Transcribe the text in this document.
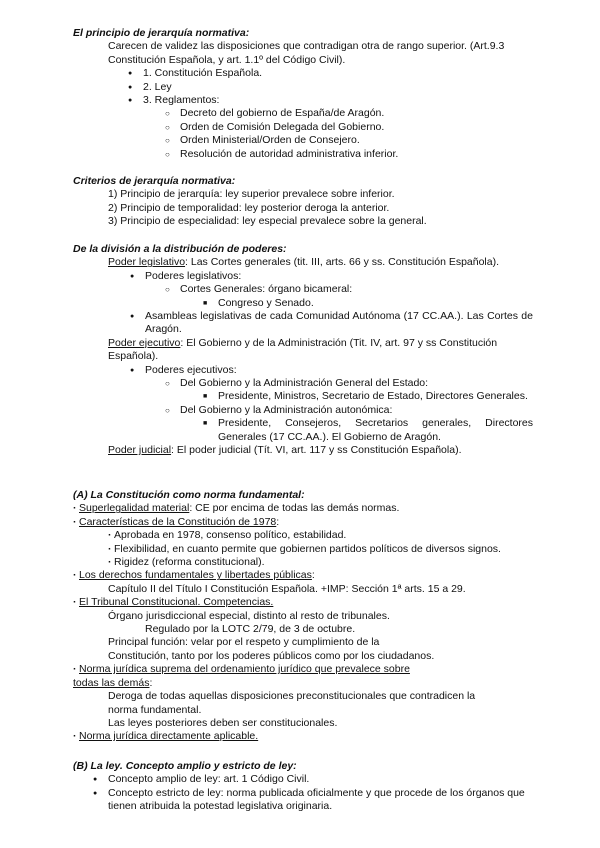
El principio de jerarquía normativa:

Carecen de validez las disposiciones que contradigan otra de rango superior. (Art.9.3 Constitución Española, y art. 1.1º del Código Civil).

● 1. Constitución Española.

● 2. Ley

● 3. Reglamentos:

○ Decreto del gobierno de España/de Aragón.

○ Orden de Comisión Delegada del Gobierno.

○ Orden Ministerial/Orden de Consejero.

○ Resolución de autoridad administrativa inferior.

Criterios de jerarquía normativa:

1) Principio de jerarquía: ley superior prevalece sobre inferior.

2) Principio de temporalidad: ley posterior deroga la anterior.

3) Principio de especialidad: ley especial prevalece sobre la general.

De la división a la distribución de poderes:

Poder legislativo: Las Cortes generales (tit. III, arts. 66 y ss. Constitución Española).

● Poderes legislativos:

○ Cortes Generales: órgano bicameral:

■ Congreso y Senado.

● Asambleas legislativas de cada Comunidad Autónoma (17 CC.AA.). Las Cortes de Aragón.

Poder ejecutivo: El Gobierno y de la Administración (Tit. IV, art. 97 y ss Constitución Española).

● Poderes ejecutivos:

○ Del Gobierno y la Administración General del Estado:

■ Presidente, Ministros, Secretario de Estado, Directores Generales.

○ Del Gobierno y la Administración autonómica:

■ Presidente, Consejeros, Secretarios generales, Directores Generales (17 CC.AA.). El Gobierno de Aragón.

Poder judicial: El poder judicial (Tít. VI, art. 117 y ss Constitución Española).

(A) La Constitución como norma fundamental:

· Superlegalidad material: CE por encima de todas las demás normas.

· Características de la Constitución de 1978:

· Aprobada en 1978, consenso político, estabilidad.

· Flexibilidad, en cuanto permite que gobiernen partidos políticos de diversos signos.

· Rigidez (reforma constitucional).

· Los derechos fundamentales y libertades públicas:

Capítulo II del Título I Constitución Española. +IMP: Sección 1ª arts. 15 a 29.

· El Tribunal Constitucional. Competencias.

Órgano jurisdiccional especial, distinto al resto de tribunales.

Regulado por la LOTC 2/79, de 3 de octubre.

Principal función: velar por el respeto y cumplimiento de la

Constitución, tanto por los poderes públicos como por los ciudadanos.

· Norma jurídica suprema del ordenamiento jurídico que prevalece sobre

todas las demás:

Deroga de todas aquellas disposiciones preconstitucionales que contradicen la

norma fundamental.

Las leyes posteriores deben ser constitucionales.

· Norma jurídica directamente aplicable.

(B) La ley. Concepto amplio y estricto de ley:

● Concepto amplio de ley: art. 1 Código Civil.

● Concepto estricto de ley: norma publicada oficialmente y que procede de los órganos que tienen atribuida la potestad legislativa originaria.
